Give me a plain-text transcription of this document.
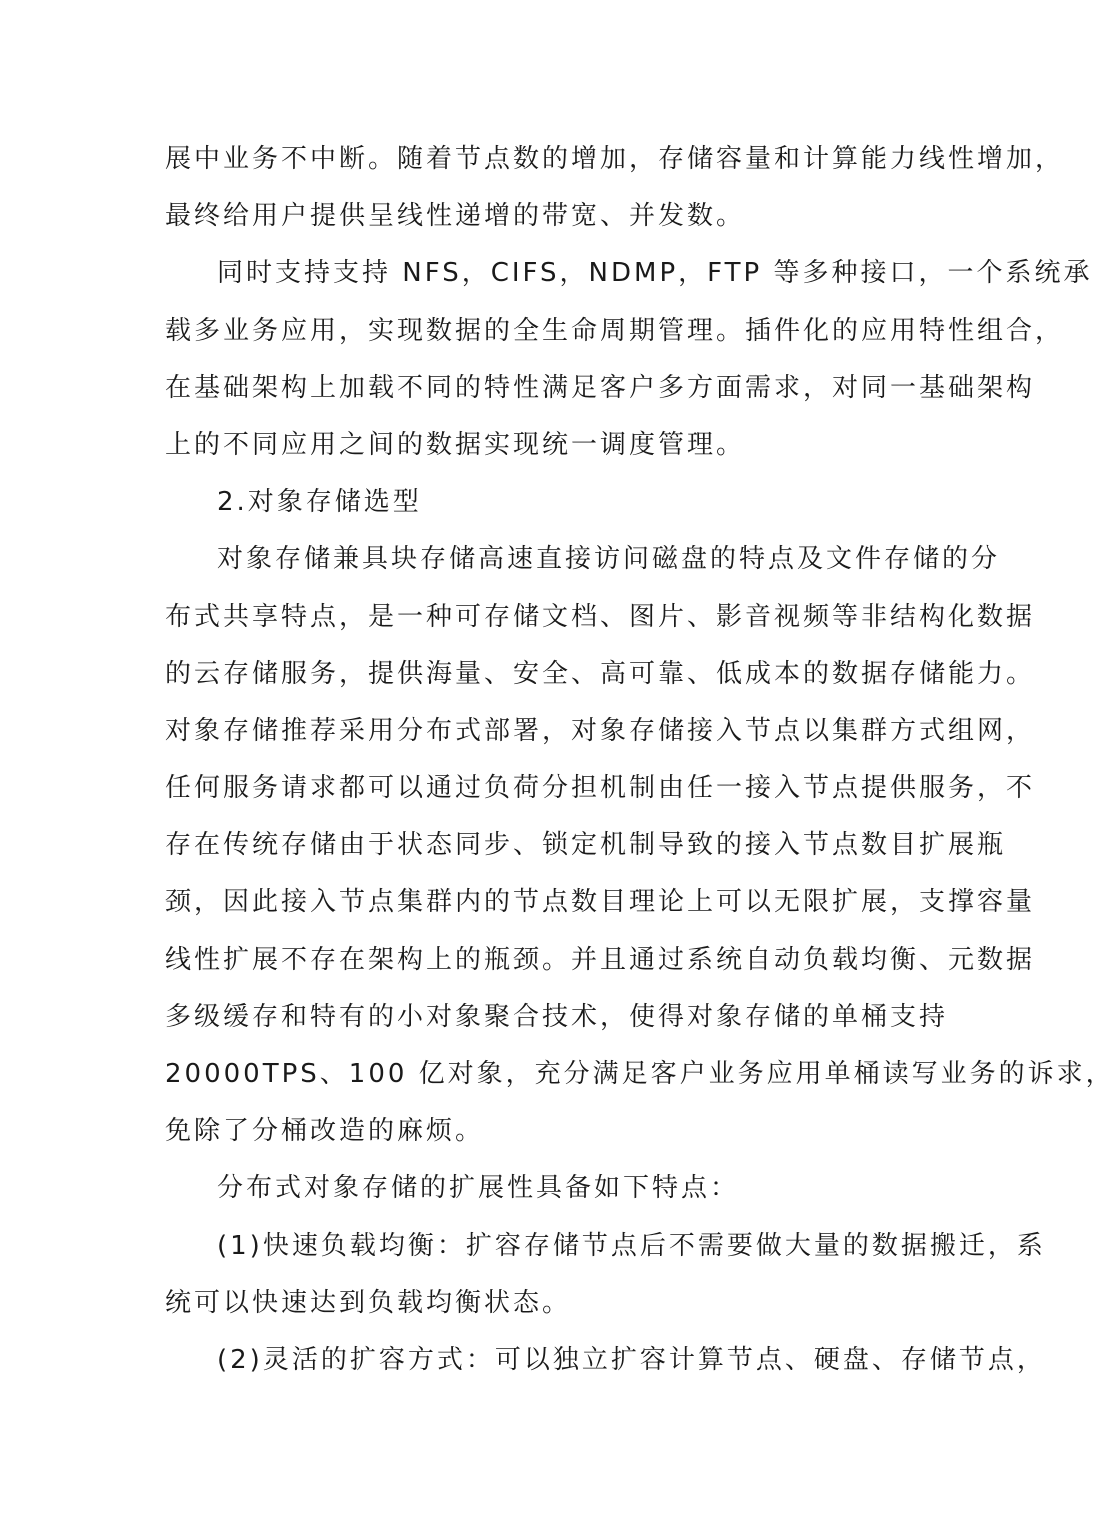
展中业务不中断。随着节点数的增加，存储容量和计算能力线性增加，
最终给用户提供呈线性递增的带宽、并发数。
同时支持支持 NFS，CIFS，NDMP，FTP 等多种接口，一个系统承
载多业务应用，实现数据的全生命周期管理。插件化的应用特性组合，
在基础架构上加载不同的特性满足客户多方面需求，对同一基础架构
上的不同应用之间的数据实现统一调度管理。
2.对象存储选型
对象存储兼具块存储高速直接访问磁盘的特点及文件存储的分
布式共享特点，是一种可存储文档、图片、影音视频等非结构化数据
的云存储服务，提供海量、安全、高可靠、低成本的数据存储能力。
对象存储推荐采用分布式部署，对象存储接入节点以集群方式组网，
任何服务请求都可以通过负荷分担机制由任一接入节点提供服务，不
存在传统存储由于状态同步、锁定机制导致的接入节点数目扩展瓶
颈，因此接入节点集群内的节点数目理论上可以无限扩展，支撑容量
线性扩展不存在架构上的瓶颈。并且通过系统自动负载均衡、元数据
多级缓存和特有的小对象聚合技术，使得对象存储的单桶支持
20000TPS、100 亿对象，充分满足客户业务应用单桶读写业务的诉求，
免除了分桶改造的麻烦。
分布式对象存储的扩展性具备如下特点：
(1)快速负载均衡：扩容存储节点后不需要做大量的数据搬迁，系
统可以快速达到负载均衡状态。
(2)灵活的扩容方式：可以独立扩容计算节点、硬盘、存储节点，
